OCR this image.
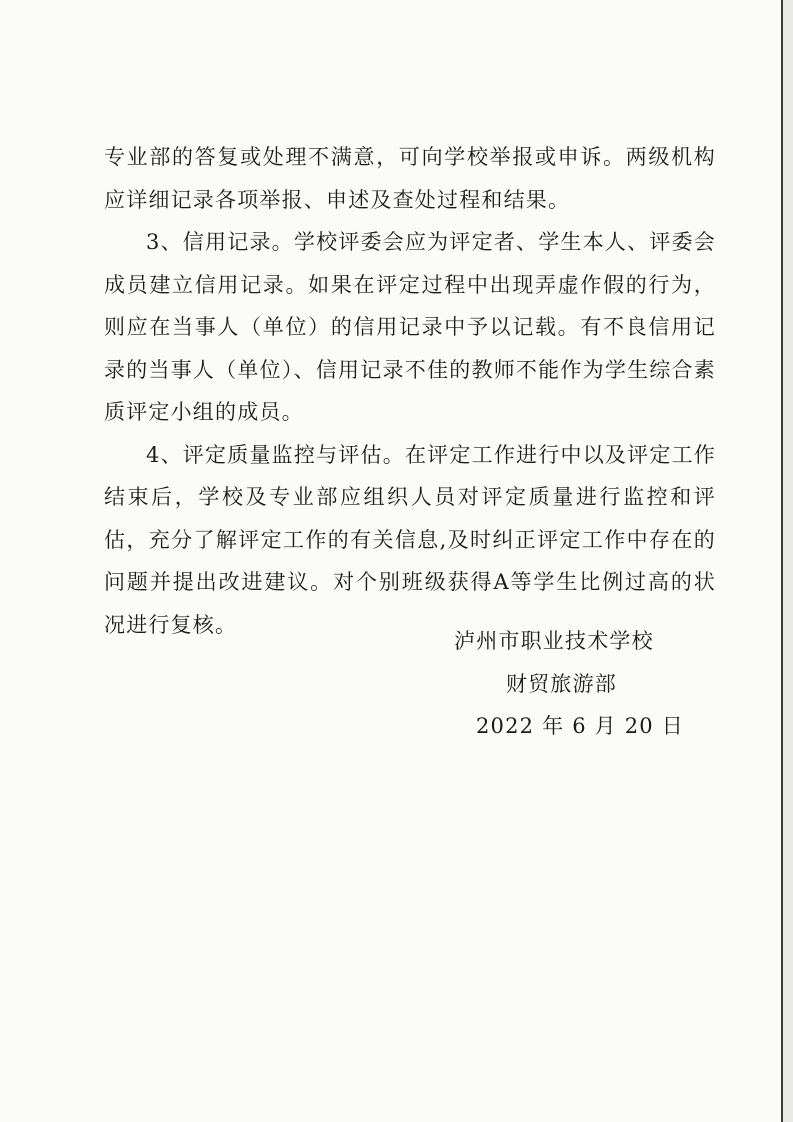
专业部的答复或处理不满意，可向学校举报或申诉。两级机构应详细记录各项举报、申述及查处过程和结果。

3、信用记录。学校评委会应为评定者、学生本人、评委会成员建立信用记录。如果在评定过程中出现弄虚作假的行为，则应在当事人（单位）的信用记录中予以记载。有不良信用记录的当事人（单位）、信用记录不佳的教师不能作为学生综合素质评定小组的成员。

4、评定质量监控与评估。在评定工作进行中以及评定工作结束后，学校及专业部应组织人员对评定质量进行监控和评估，充分了解评定工作的有关信息,及时纠正评定工作中存在的问题并提出改进建议。对个别班级获得A等学生比例过高的状况进行复核。

泸州市职业技术学校
财贸旅游部
2022 年 6 月 20 日
